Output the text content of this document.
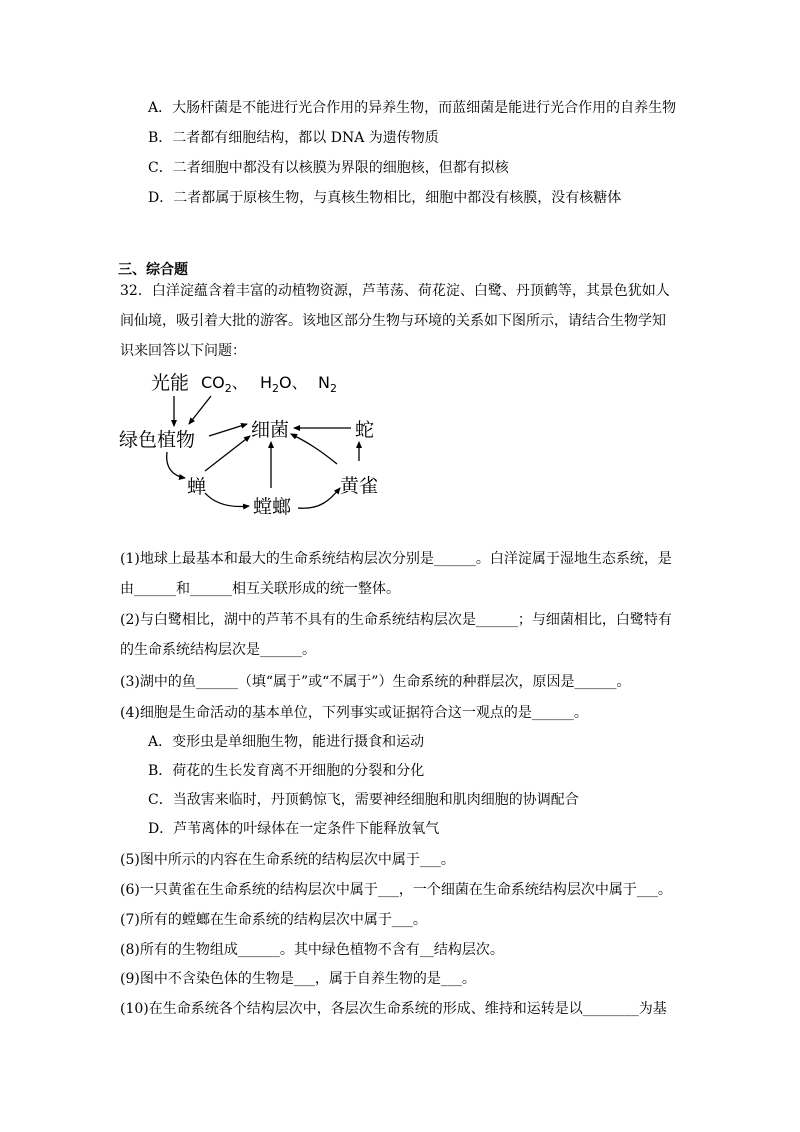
A．大肠杆菌是不能进行光合作用的异养生物，而蓝细菌是能进行光合作用的自养生物
B．二者都有细胞结构，都以 DNA 为遗传物质
C．二者细胞中都没有以核膜为界限的细胞核，但都有拟核
D．二者都属于原核生物，与真核生物相比，细胞中都没有核膜，没有核糖体
三、综合题
32．白洋淀蕴含着丰富的动植物资源，芦苇荡、荷花淀、白鹭、丹顶鹤等，其景色犹如人
间仙境，吸引着大批的游客。该地区部分生物与环境的关系如下图所示，请结合生物学知
识来回答以下问题：
光能 $CO_2$、 $H_2O$、 $N_2$
绿色植物	细菌	蛇
蝉
螳螂
黄雀
(1)地球上最基本和最大的生命系统结构层次分别是______。白洋淀属于湿地生态系统，是
由______和______相互关联形成的统一整体。
(2)与白鹭相比，湖中的芦苇不具有的生命系统结构层次是______；与细菌相比，白鹭特有
的生命系统结构层次是______。
(3)湖中的鱼______（填“属于”或“不属于”）生命系统的种群层次，原因是______。
(4)细胞是生命活动的基本单位，下列事实或证据符合这一观点的是______。
A．变形虫是单细胞生物，能进行摄食和运动
B．荷花的生长发育离不开细胞的分裂和分化
C．当敌害来临时，丹顶鹤惊飞，需要神经细胞和肌肉细胞的协调配合
D．芦苇离体的叶绿体在一定条件下能释放氧气
(5)图中所示的内容在生命系统的结构层次中属于___。
(6)一只黄雀在生命系统的结构层次中属于___，一个细菌在生命系统结构层次中属于___。
(7)所有的螳螂在生命系统的结构层次中属于___。
(8)所有的生物组成______。其中绿色植物不含有__结构层次。
(9)图中不含染色体的生物是___，属于自养生物的是___。
(10)在生命系统各个结构层次中，各层次生命系统的形成、维持和运转是以________为基
